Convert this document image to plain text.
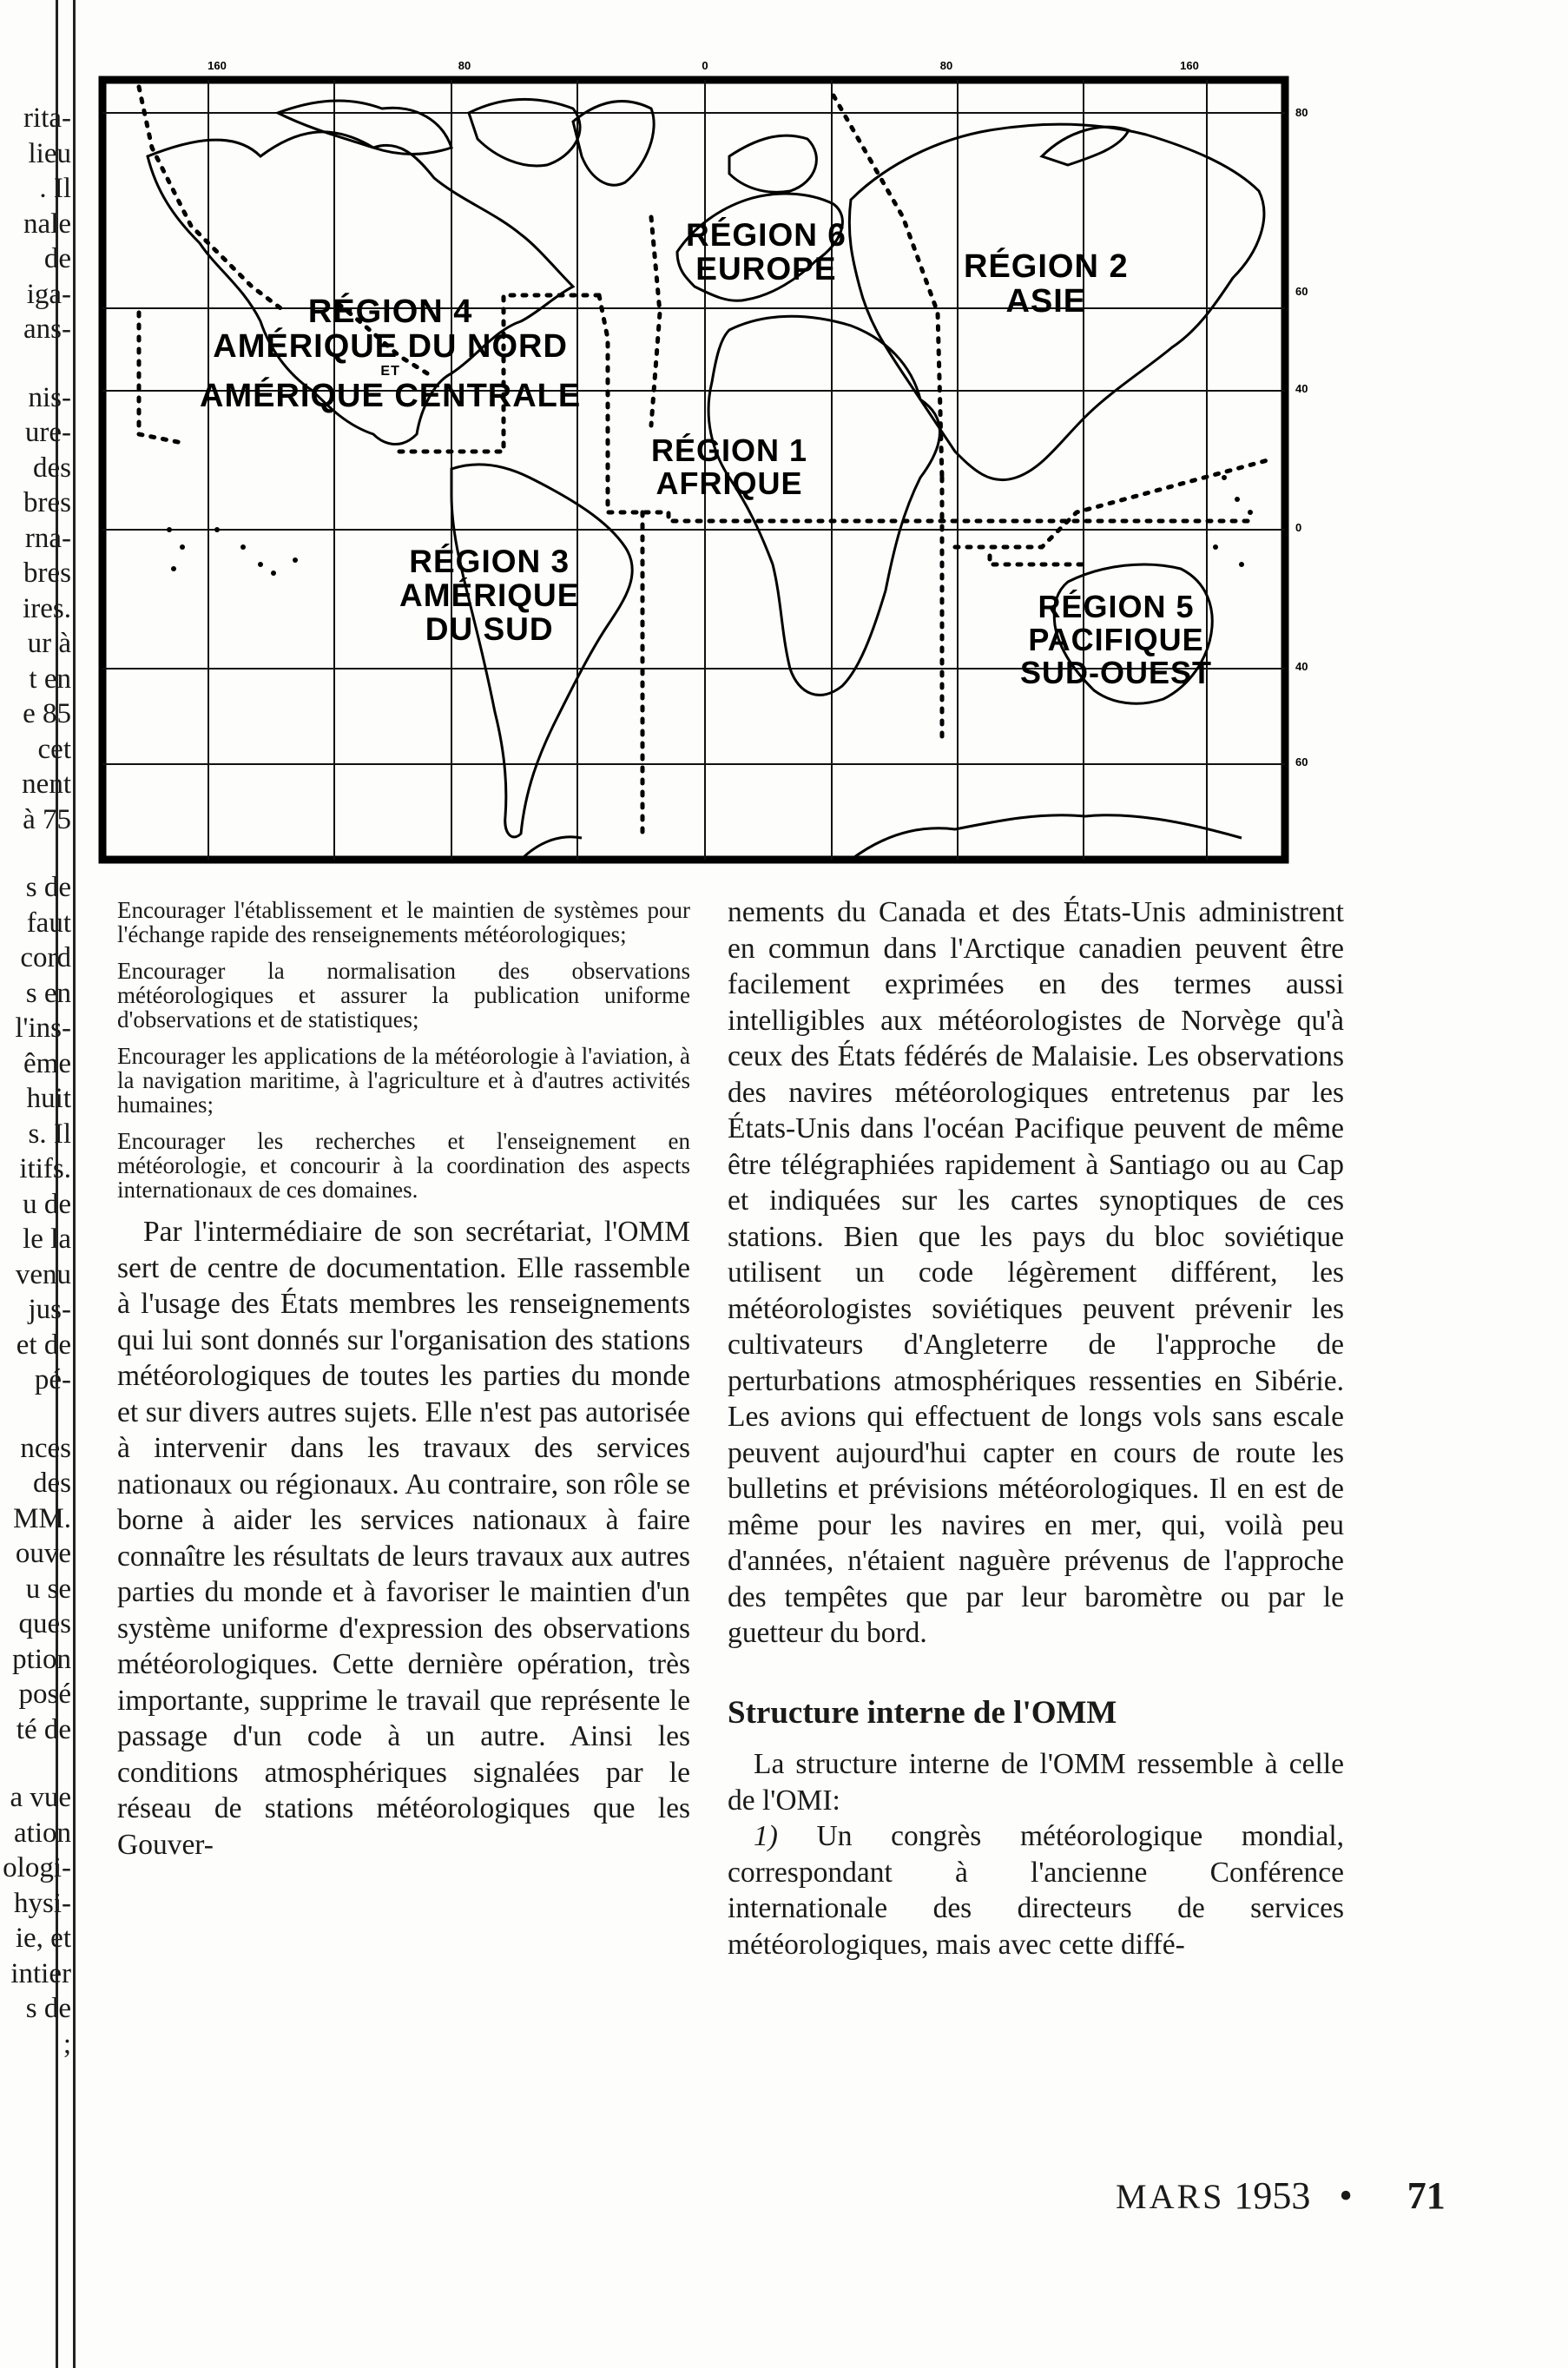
rita-
lieu
. Il
nale
de
iga-
ans-
nis-
ure-
des
bres
rna-
bres
ires.
ur à
t en
e 85
cet
nent
à 75
s de
faut
cord
s en
l'ins-
ême
huit
s. Il
itifs.
u de
le la
venu
jus-
et de
pé-
nces
des
MM.
ouve
u se
ques
ption
posé
té de
a vue
ation
ologi-
hysi-
ie, et
intier
s de
;
160	80	0	80	160
80
60
40
0
40
60
RÉGION 4
AMÉRIQUE DU NORD
ET
AMÉRIQUE CENTRALE
RÉGION 6
EUROPE	RÉGION 2
ASIE
RÉGION 1
AFRIQUE
RÉGION 3
AMÉRIQUE
DU SUD
RÉGION 5
PACIFIQUE
SUD-OUEST

Encourager l'établissement et le maintien de systèmes pour l'échange rapide des renseignements météorologiques;

Encourager la normalisation des observations météorologiques et assurer la publication uniforme d'observations et de statistiques;

Encourager les applications de la météorologie à l'aviation, à la navigation maritime, à l'agriculture et à d'autres activités humaines;

Encourager les recherches et l'enseignement en météorologie, et concourir à la coordination des aspects internationaux de ces domaines.

Par l'intermédiaire de son secrétariat, l'OMM sert de centre de documentation. Elle rassemble à l'usage des États membres les renseignements qui lui sont donnés sur l'organisation des stations météorologiques de toutes les parties du monde et sur divers autres sujets. Elle n'est pas autorisée à intervenir dans les travaux des services nationaux ou régionaux. Au contraire, son rôle se borne à aider les services nationaux à faire connaître les résultats de leurs travaux aux autres parties du monde et à favoriser le maintien d'un système uniforme d'expression des observations météorologiques. Cette dernière opération, très importante, supprime le travail que représente le passage d'un code à un autre. Ainsi les conditions atmosphériques signalées par le réseau de stations météorologiques que les Gouver-

nements du Canada et des États-Unis administrent en commun dans l'Arctique canadien peuvent être facilement exprimées en des termes aussi intelligibles aux météorologistes de Norvège qu'à ceux des États fédérés de Malaisie. Les observations des navires météorologiques entretenus par les États-Unis dans l'océan Pacifique peuvent de même être télégraphiées rapidement à Santiago ou au Cap et indiquées sur les cartes synoptiques de ces stations. Bien que les pays du bloc soviétique utilisent un code légèrement différent, les météorologistes soviétiques peuvent prévenir les cultivateurs d'Angleterre de l'approche de perturbations atmosphériques ressenties en Sibérie. Les avions qui effectuent de longs vols sans escale peuvent aujourd'hui capter en cours de route les bulletins et prévisions météorologiques. Il en est de même pour les navires en mer, qui, voilà peu d'années, n'étaient naguère prévenus de l'approche des tempêtes que par leur baromètre ou par le guetteur du bord.

Structure interne de l'OMM

La structure interne de l'OMM ressemble à celle de l'OMI:

1) Un congrès météorologique mondial, correspondant à l'ancienne Conférence internationale des directeurs de services météorologiques, mais avec cette diffé-

MARS 1953 • 71
